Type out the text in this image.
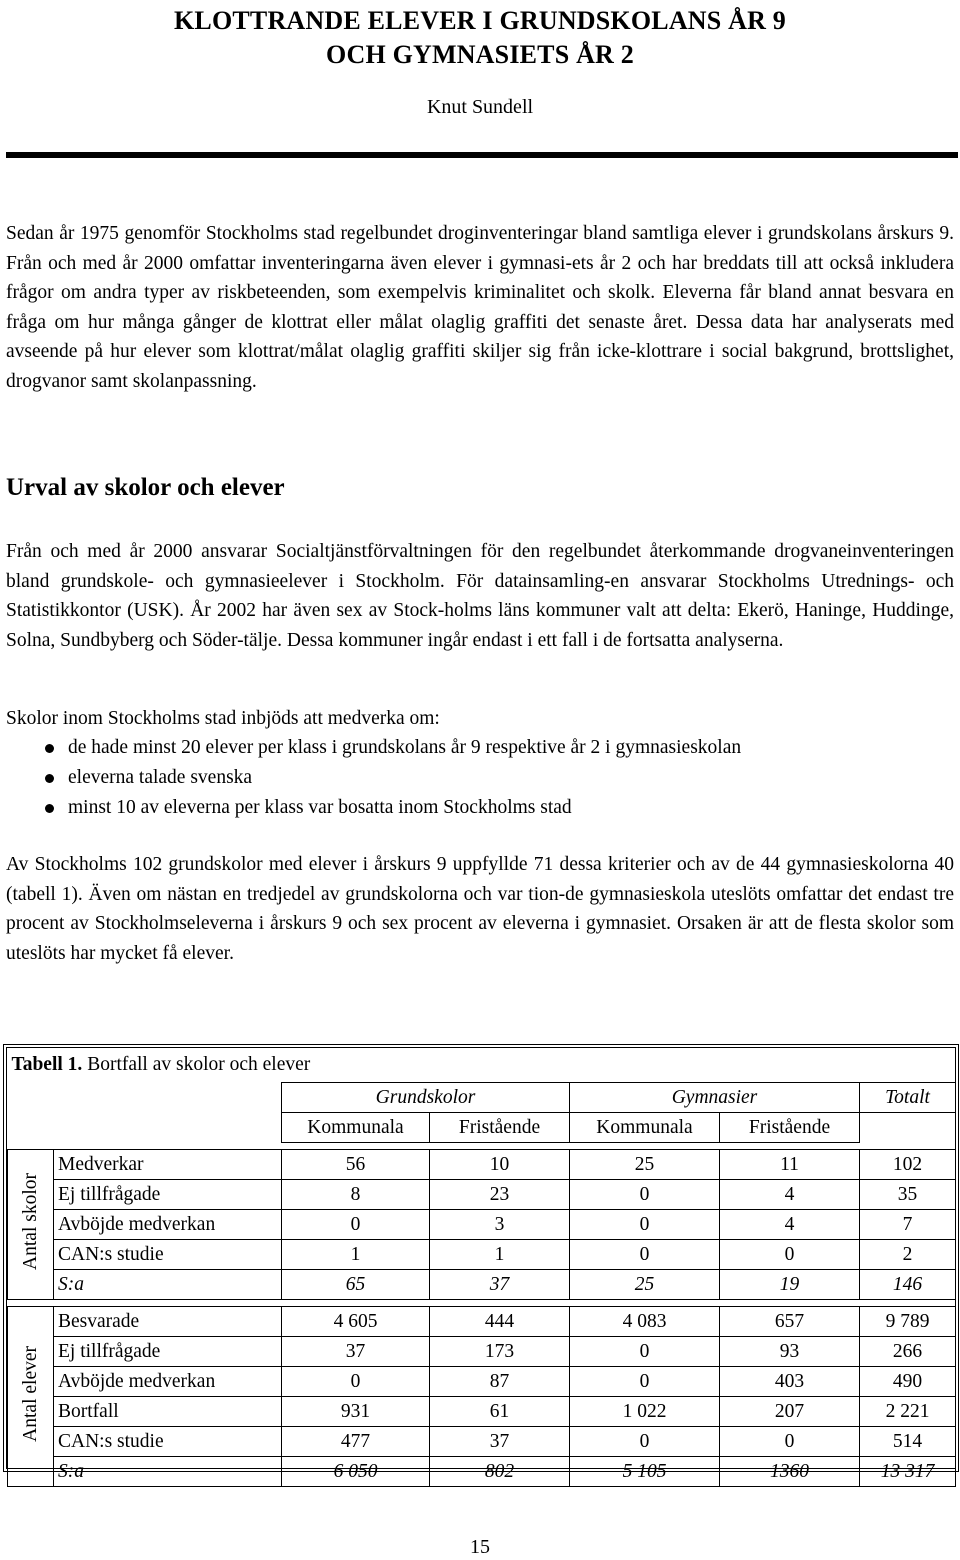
KLOTTRANDE ELEVER I GRUNDSKOLANS ÅR 9
OCH GYMNASIETS ÅR 2
Knut Sundell

Sedan år 1975 genomför Stockholms stad regelbundet droginventeringar bland samtliga elever i grundskolans årskurs 9. Från och med år 2000 omfattar inventeringarna även elever i gymnasi-ets år 2 och har breddats till att också inkludera frågor om andra typer av riskbeteenden, som exempelvis kriminalitet och skolk. Eleverna får bland annat besvara en fråga om hur många gånger de klottrat eller målat olaglig graffiti det senaste året. Dessa data har analyserats med avseende på hur elever som klottrat/målat olaglig graffiti skiljer sig från icke-klottrare i social bakgrund, brottslighet, drogvanor samt skolanpassning.

Urval av skolor och elever

Från och med år 2000 ansvarar Socialtjänstförvaltningen för den regelbundet återkommande drogvaneinventeringen bland grundskole- och gymnasieelever i Stockholm. För datainsamling-en ansvarar Stockholms Utrednings- och Statistikkontor (USK). År 2002 har även sex av Stock-holms läns kommuner valt att delta: Ekerö, Haninge, Huddinge, Solna, Sundbyberg och Söder-tälje. Dessa kommuner ingår endast i ett fall i de fortsatta analyserna.

Skolor inom Stockholms stad inbjöds att medverka om:

de hade minst 20 elever per klass i grundskolans år 9 respektive år 2 i gymnasieskolan
eleverna talade svenska
minst 10 av eleverna per klass var bosatta inom Stockholms stad

Av Stockholms 102 grundskolor med elever i årskurs 9 uppfyllde 71 dessa kriterier och av de 44 gymnasieskolorna 40 (tabell 1). Även om nästan en tredjedel av grundskolorna och var tion-de gymnasieskola uteslöts omfattar det endast tre procent av Stockholmseleverna i årskurs 9 och sex procent av eleverna i gymnasiet. Orsaken är att de flesta skolor som uteslöts har mycket få elever.

Tabell 1. Bortfall av skolor och elever						
		Grundskolor		Gymnasier		Totalt
		Kommunala	Fristående	Kommunala	Fristående	

Antal skolor	Medverkar	56	10	25	11	102
	Ej tillfrågade	8	23	0	4	35
	Avböjde medverkan	0	3	0	4	7
	CAN:s studie	1	1	0	0	2
	S:a	65	37	25	19	146

Antal elever	Besvarade	4 605	444	4 083	657	9 789
	Ej tillfrågade	37	173	0	93	266
	Avböjde medverkan	0	87	0	403	490
	Bortfall	931	61	1 022	207	2 221
	CAN:s studie	477	37	0	0	514
	S:a	6 050	802	5 105	1360	13 317
15
